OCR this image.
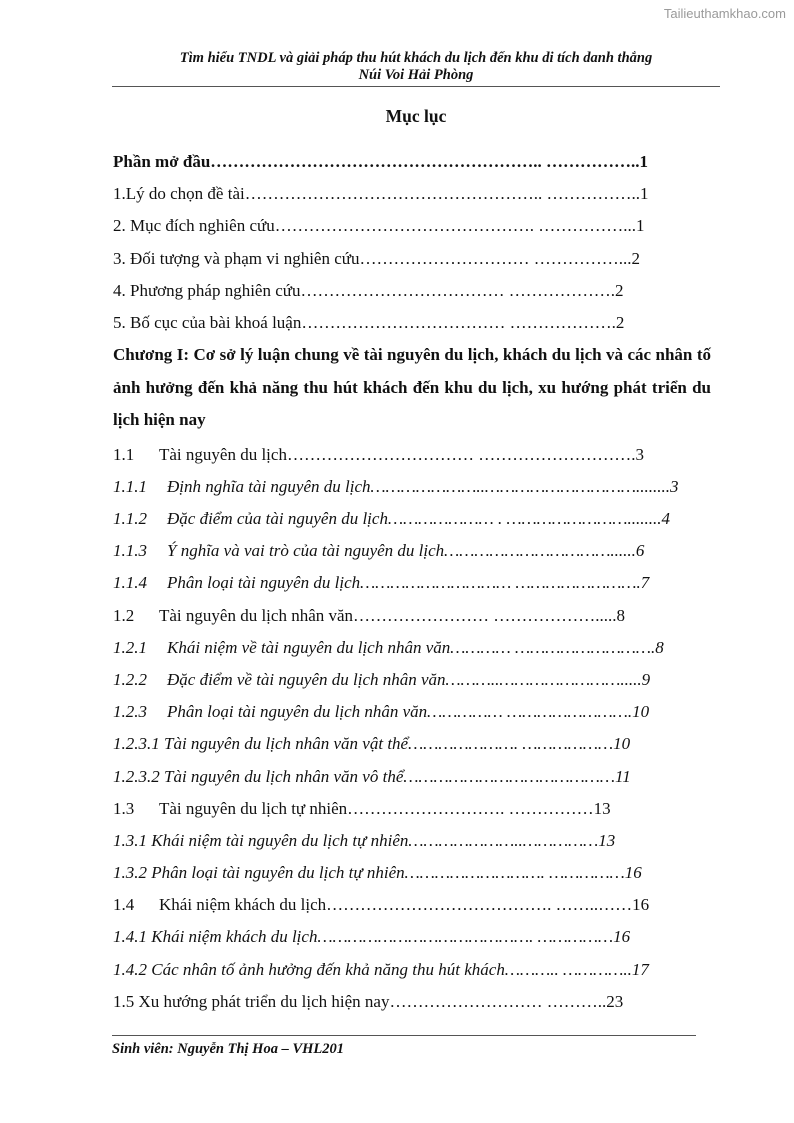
Tailieuthamkhao.com
Tìm hiểu TNDL và giải pháp thu hút khách du lịch đến khu di tích danh thắng
Núi Voi Hải Phòng
Mục lục
Phần mở đầu ………………………………………………….. ……………..1
1.Lý do chọn đề tài …………………………………………….. ……………..1
2. Mục đích nghiên cứu ………………………………………. ……………...1
3. Đối tượng và phạm vi nghiên cứu ………………………… ……………...2
4. Phương pháp nghiên cứu ……………………………… ……………….2
5. Bố cục của bài khoá luận ……………………………… ……………….2
Chương I: Cơ sở lý luận chung về tài nguyên du lịch, khách du lịch và các nhân tố ảnh hưởng đến khả năng thu hút khách đến khu du lịch, xu hướng phát triển du lịch hiện nay
1.1 Tài nguyên du lịch …………………………… ……………………….3
1.1.1 Định nghĩa tài nguyên du lịch …………………..…………………………........3
1.1.2 Đặc điểm của tài nguyên du lịch ………………… . ……………………........4
1.1.3 Ý nghĩa và vai trò của tài nguyên du lịch ……………………………......6
1.1.4 Phân loại tài nguyên du lịch ………………………… …………………….7
1.2 Tài nguyên du lịch nhân văn …………………… ……………….....8
1.2.1 Khái niệm về tài nguyên du lịch nhân văn ………… ……………………….8
1.2.2 Đặc điểm về tài nguyên du lịch nhân văn ………..…………………….....9
1.2.3 Phân loại tài nguyên du lịch nhân văn …………… …………………….10
1.2.3.1 Tài nguyên du lịch nhân văn vật thể …………………. ………………10
1.2.3.2 Tài nguyên du lịch nhân văn vô thể ……………………………………11
1.3 Tài nguyên du lịch tự nhiên ………………………. ……………13
1.3.1 Khái niệm tài nguyên du lịch tự nhiên …………………..……………13
1.3.2 Phân loại tài nguyên du lịch tự nhiên ………………………. ……………16
1.4 Khái niệm khách du lịch …………………………………. ……..……16
1.4.1 Khái niệm khách du lịch ……………………………………. ……………16
1.4.2 Các nhân tố ảnh hưởng đến khả năng thu hút khách ……….. …………..17
1.5 Xu hướng phát triển du lịch hiện nay ……………………… ………..23
Sinh viên: Nguyễn Thị Hoa – VHL201
